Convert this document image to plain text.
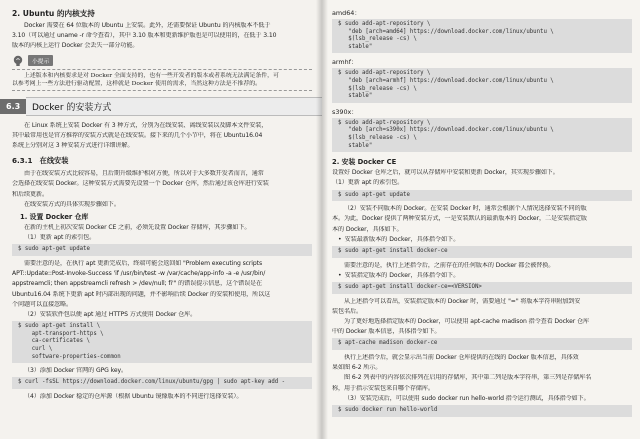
2. Ubuntu 的内核支持
Docker 需要在 64 位版本的 Ubuntu 上安装。此外，还需要保证 Ubuntu 的内核版本不低于
3.10（可以通过 uname -r 命令查看），其中 3.10 版本和更新维护版也是可以使用的，在低于 3.10
版本的内核上运行 Docker 会丢失一部分功能。
小提示
上述版本和内核要求是对 Docker 全面支持的，也有一些开发者的版本或者系统无法满足条件，可
以参考网上一些方法进行驱动配置，这样就是 Docker 使用的需求，当然这种方法是不推荐的。
6.3	Docker 的安装方式
在 Linux 系统上安装 Docker 有 3 种方式，分别为在线安装、离线安装以及脚本文件安装，
其中最常用也是官方推荐的安装方式就是在线安装。接下来的几个小节中，将在 Ubuntu16.04
系统上分别对这 3 种安装方式进行详细讲解。
6.3.1　在线安装
由于在线安装方式比较容易，且后期升级维护相对方便，所以对于大多数开发者而言，通常
会选择在线安装 Docker。这种安装方式需要先设置一个 Docker 仓库，然后通过该仓库进行安装
和后续更新。
在线安装方式的具体实现步骤如下。
1. 设置 Docker 仓库
在新的主机上初次安装 Docker CE 之前，必须先设置 Docker 存储库，其步骤如下。
（1）更新 apt 的索引包。
$ sudo apt-get update
需要注意的是，在执行 apt 更新完成后，终端可能会返回如 "Problem executing scripts
APT::Update::Post-Invoke-Success 'if /usr/bin/test -w /var/cache/app-info -a -e /usr/bin/
appstreamcli; then appstreamcli refresh > /dev/null; fi'" 的错误提示信息，这个错误是在
Ubuntu16.04 系统下更新 apt 时内部出现的问题，并不影响后续 Docker 的安装和使用，所以这
个问题可以直接忽略。
（2）安装软件包以便 apt 通过 HTTPS 方式使用 Docker 仓库。
$ sudo apt-get install \
apt-transport-https \
ca-certificates \
curl \
software-properties-common
（3）添加 Docker 官网的 GPG key。
$ curl -fsSL https://download.docker.com/linux/ubuntu/gpg | sudo apt-key add -
（4）添加 Docker 稳定的仓库源（根据 Ubuntu 镜像版本的不同进行选择安装）。
amd64：
$ sudo add-apt-repository \
"deb [arch=amd64] https://download.docker.com/linux/ubuntu \
$(lsb_release -cs) \
stable"
armhf：
$ sudo add-apt-repository \
"deb [arch=armhf] https://download.docker.com/linux/ubuntu \
$(lsb_release -cs) \
stable"
s390x：
$ sudo add-apt-repository \
"deb [arch=s390x] https://download.docker.com/linux/ubuntu \
$(lsb_release -cs) \
stable"
2. 安装 Docker CE
设置好 Docker 仓库之后，就可以从存储库中安装和更新 Docker，其实现步骤如下。
（1）更新 apt 的索引包。
$ sudo apt-get update
（2）安装不同版本的 Docker。在安装 Docker 时，通常会根据个人情况选择安装不同的版
本。为此，Docker 提供了两种安装方式，一是安装默认的最新版本的 Docker，二是安装指定版
本的 Docker，具体如下。
• 安装最新版本的 Docker，具体指令如下。
$ sudo apt-get install docker-ce
需要注意的是，执行上述指令后，之前存在的任何版本的 Docker 都会被替换。
• 安装指定版本的 Docker，具体指令如下。
$ sudo apt-get install docker-ce=<VERSION>
从上述指令可以看出，安装指定版本的 Docker 时，需要通过 "=" 将版本字符串附加到安
装包名后。
为了更好地选择指定版本的 Docker，可以使用 apt-cache madison 指令查看 Docker 仓库
中的 Docker 版本信息，具体指令如下。
$ apt-cache madison docker-ce
执行上述指令后，就会显示出当前 Docker 仓库提供的在线的 Docker 版本信息，具体效
果如图 6-2 所示。
图 6-2 列表中的内容依次排列在启用的存储库，其中第二列是版本字符串，第三列是存储库名
称，用于指示安装包来自哪个存储库。
（3）安装完成后，可以使用 sudo docker run hello-world 指令运行测试，具体指令如下。
$ sudo docker run hello-world
